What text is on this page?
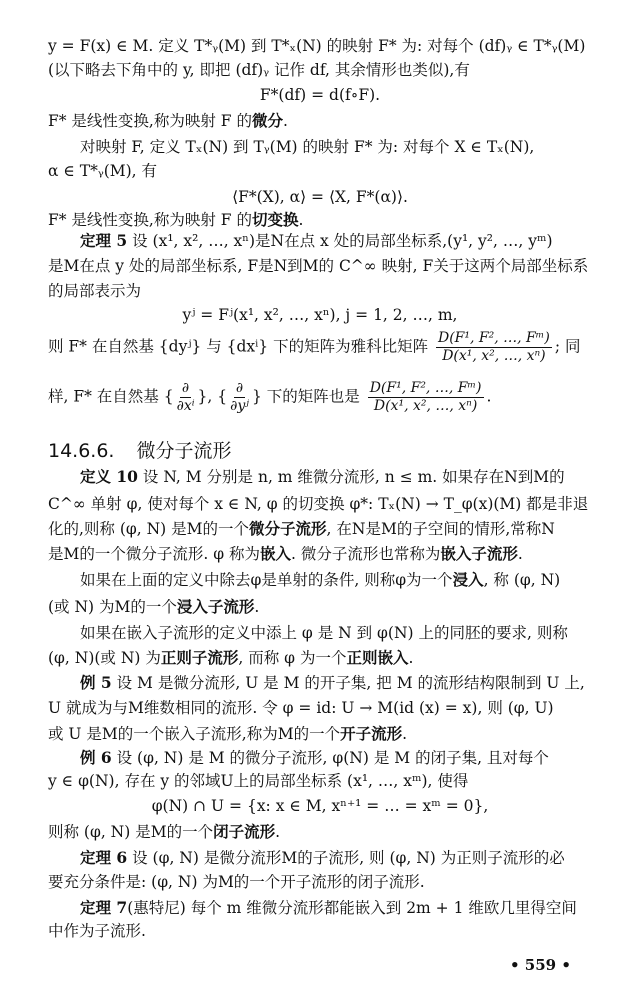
14.6.6. 微分子流形
y = F(x) ∈ M. 定义 T*ᵧ(M) 到 T*ₓ(N) 的映射 F* 为: 对每个 (df)ᵧ ∈ T*ᵧ(M)
(以下略去下角中的 y, 即把 (df)ᵧ 记作 df, 其余情形也类似),有
F*(df) = d(f∘F).
F* 是线性变换,称为映射 F 的微分.
对映射 F, 定义 Tₓ(N) 到 Tᵧ(M) 的映射 F* 为: 对每个 X ∈ Tₓ(N),
α ∈ T*ᵧ(M), 有
⟨F*(X), α⟩ = ⟨X, F*(α)⟩.
F* 是线性变换,称为映射 F 的切变换.
定理 5 设 (x¹, x², …, xⁿ)是N在点 x 处的局部坐标系,(y¹, y², …, yᵐ)
是M在点 y 处的局部坐标系, F是N到M的 C^∞ 映射, F关于这两个局部坐标系
的局部表示为
yʲ = Fʲ(x¹, x², …, xⁿ), j = 1, 2, …, m,
则 F* 在自然基 {dyʲ} 与 {dxⁱ} 下的矩阵为雅科比矩阵 $\frac{\text{D(F¹, F², …, Fᵐ)}}{\text{D(x¹, x², …, xⁿ)}}$ ; 同
样, F* 在自然基 { $\frac{\partial}{\text{∂xⁱ}}$ }, { $\frac{\partial}{\text{∂yʲ}}$ } 下的矩阵也是 $\frac{\text{D(F¹, F², …, Fᵐ)}}{\text{D(x¹, x², …, xⁿ)}}$ .
定义 10 设 N, M 分别是 n, m 维微分流形, n ≤ m. 如果存在N到M的
C^∞ 单射 φ, 使对每个 x ∈ N, φ 的切变换 φ*: Tₓ(N) → T_φ(x)(M) 都是非退
化的,则称 (φ, N) 是M的一个微分子流形, 在N是M的子空间的情形,常称N
是M的一个微分子流形. φ 称为嵌入. 微分子流形也常称为嵌入子流形.
如果在上面的定义中除去φ是单射的条件, 则称φ为一个浸入, 称 (φ, N)
(或 N) 为M的一个浸入子流形.
如果在嵌入子流形的定义中添上 φ 是 N 到 φ(N) 上的同胚的要求, 则称
(φ, N)(或 N) 为正则子流形, 而称 φ 为一个正则嵌入.
例 5 设 M 是微分流形, U 是 M 的开子集, 把 M 的流形结构限制到 U 上,
U 就成为与M维数相同的流形. 令 φ = id: U → M(id (x) = x), 则 (φ, U)
或 U 是M的一个嵌入子流形,称为M的一个开子流形.
例 6 设 (φ, N) 是 M 的微分子流形, φ(N) 是 M 的闭子集, 且对每个
y ∈ φ(N), 存在 y 的邻域U上的局部坐标系 (x¹, …, xᵐ), 使得
φ(N) ∩ U = {x: x ∈ M, xⁿ⁺¹ = … = xᵐ = 0},
则称 (φ, N) 是M的一个闭子流形.
定理 6 设 (φ, N) 是微分流形M的子流形, 则 (φ, N) 为正则子流形的必
要充分条件是: (φ, N) 为M的一个开子流形的闭子流形.
定理 7(惠特尼) 每个 m 维微分流形都能嵌入到 2m + 1 维欧几里得空间
中作为子流形.
• 559 •
